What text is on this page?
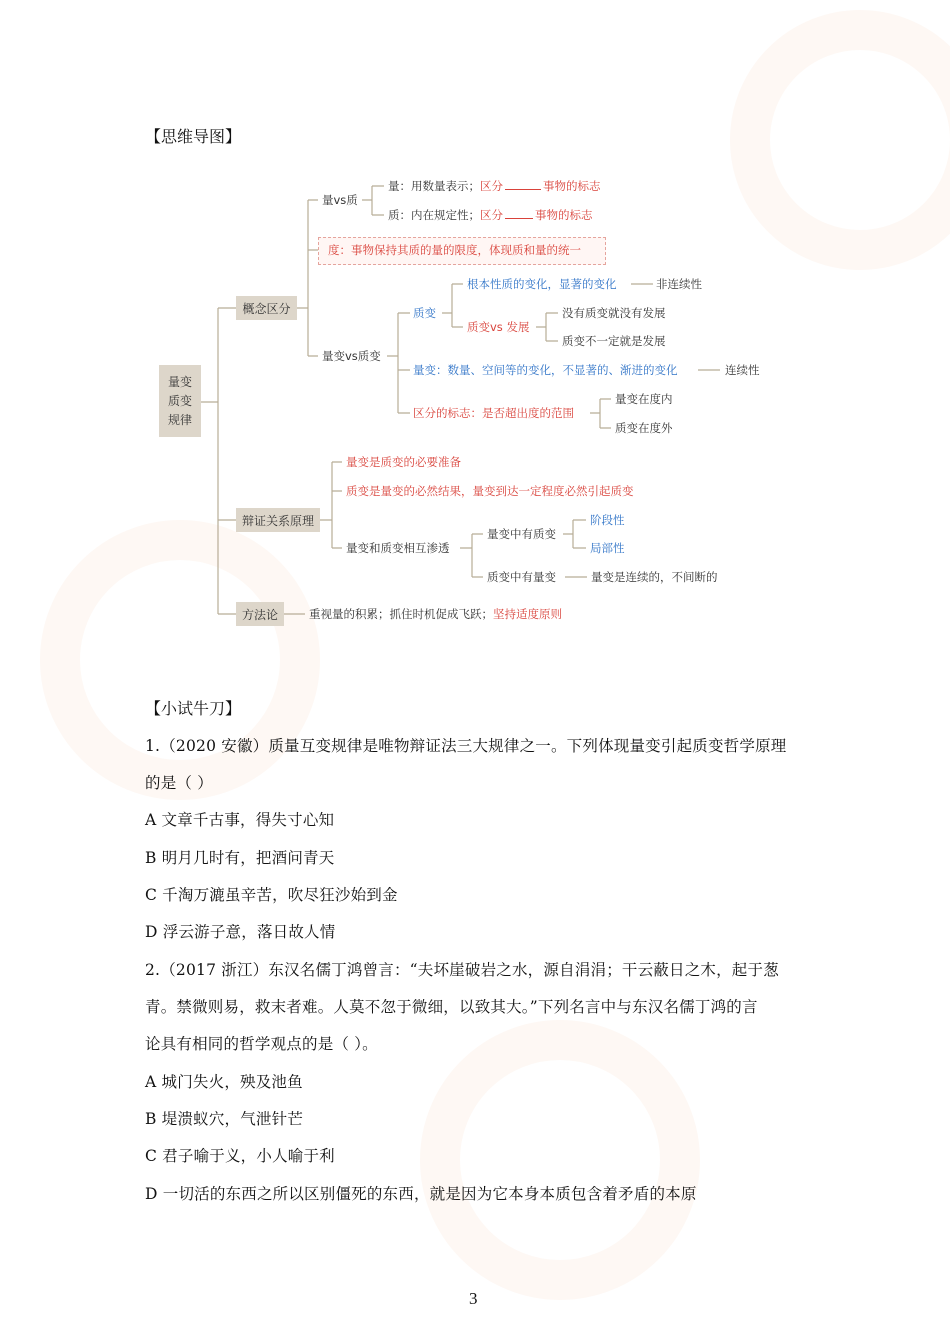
【思维导图】
量变
质变
规律
概念区分
辩证关系原理
方法论
量vs质
量：用数量表示；区分	事物的标志
质：内在规定性；区分	事物的标志
度：事物保持其质的量的限度，体现质和量的统一
量变vs质变
质变
根本性质的变化，显著的变化	非连续性
质变vs 发展
没有质变就没有发展
质变不一定就是发展
量变：数量、空间等的变化，不显著的、渐进的变化	连续性
区分的标志：是否超出度的范围
量变在度内
质变在度外
量变是质变的必要准备
质变是量变的必然结果，量变到达一定程度必然引起质变
量变和质变相互渗透
量变中有质变
阶段性
局部性
质变中有量变	量变是连续的，不间断的
重视量的积累；抓住时机促成飞跃；坚持适度原则
【小试牛刀】
1.（2020 安徽）质量互变规律是唯物辩证法三大规律之一。下列体现量变引起质变哲学原理
的是（ ）
A 文章千古事，得失寸心知
B 明月几时有，把酒问青天
C 千淘万漉虽辛苦，吹尽狂沙始到金
D 浮云游子意，落日故人情
2.（2017 浙江）东汉名儒丁鸿曾言：“夫坏崖破岩之水，源自涓涓；干云蔽日之木，起于葱
青。禁微则易，救末者难。人莫不忽于微细，以致其大。”下列名言中与东汉名儒丁鸿的言
论具有相同的哲学观点的是（ ）。
A 城门失火，殃及池鱼
B 堤溃蚁穴，气泄针芒
C 君子喻于义，小人喻于利
D 一切活的东西之所以区别僵死的东西，就是因为它本身本质包含着矛盾的本原
3
